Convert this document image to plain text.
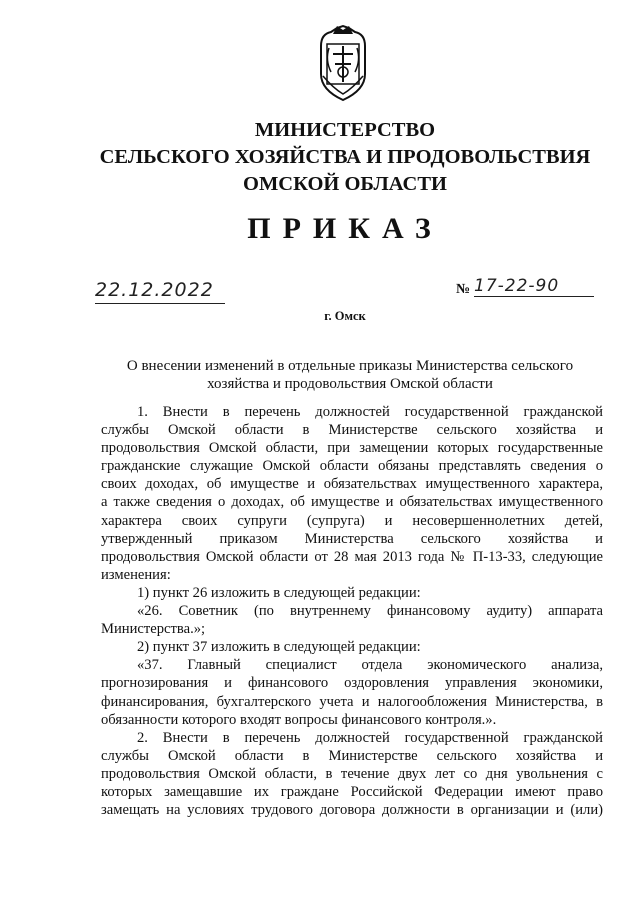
МИНИСТЕРСТВО
СЕЛЬСКОГО ХОЗЯЙСТВА И ПРОДОВОЛЬСТВИЯ
ОМСКОЙ ОБЛАСТИ
ПРИКАЗ
22.12.2022	№ 17-22-90
г. Омск
О внесении изменений в отдельные приказы Министерства сельского
хозяйства и продовольствия Омской области
1. Внести в перечень должностей государственной гражданской
службы Омской области в Министерстве сельского хозяйства и
продовольствия Омской области, при замещении которых государственные
гражданские служащие Омской области обязаны представлять сведения о
своих доходах, об имуществе и обязательствах имущественного характера,
а также сведения о доходах, об имуществе и обязательствах имущественного
характера своих супруги (супруга) и несовершеннолетних детей,
утвержденный приказом Министерства сельского хозяйства и
продовольствия Омской области от 28 мая 2013 года № П-13-33, следующие
изменения:
1) пункт 26 изложить в следующей редакции:
«26. Советник (по внутреннему финансовому аудиту) аппарата
Министерства.»;
2) пункт 37 изложить в следующей редакции:
«37. Главный специалист отдела экономического анализа,
прогнозирования и финансового оздоровления управления экономики,
финансирования, бухгалтерского учета и налогообложения Министерства, в
обязанности которого входят вопросы финансового контроля.».
2. Внести в перечень должностей государственной гражданской
службы Омской области в Министерстве сельского хозяйства и
продовольствия Омской области, в течение двух лет со дня увольнения с
которых замещавшие их граждане Российской Федерации имеют право
замещать на условиях трудового договора должности в организации и (или)
